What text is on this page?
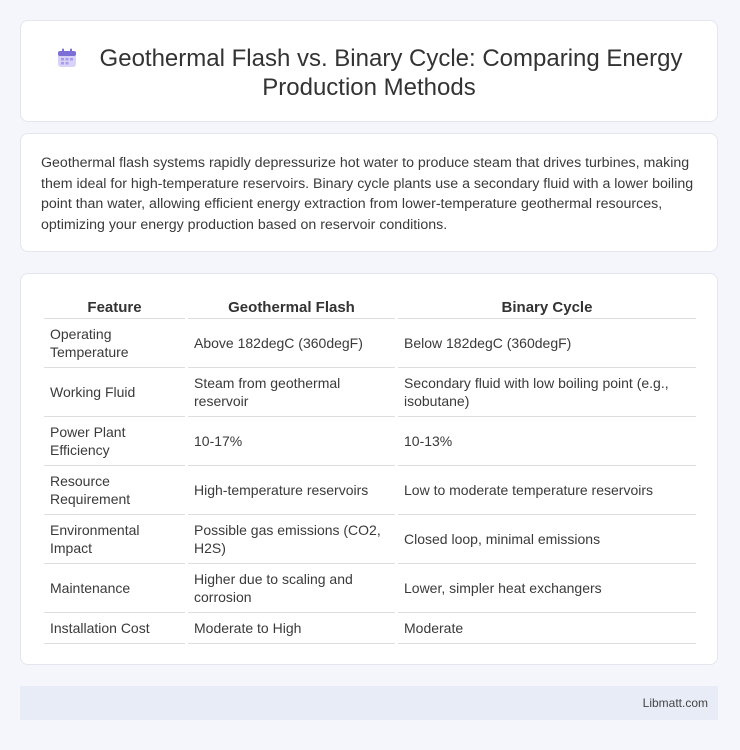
Geothermal Flash vs. Binary Cycle: Comparing Energy
Production Methods

Geothermal flash systems rapidly depressurize hot water to produce steam that drives turbines, making them ideal for high-temperature reservoirs. Binary cycle plants use a secondary fluid with a lower boiling point than water, allowing efficient energy extraction from lower-temperature geothermal resources, optimizing your energy production based on reservoir conditions.

Feature	Geothermal Flash	Binary Cycle
Operating Temperature	Above 182degC (360degF)	Below 182degC (360degF)
Working Fluid	Steam from geothermal reservoir	Secondary fluid with low boiling point (e.g., isobutane)
Power Plant Efficiency	10-17%	10-13%
Resource Requirement	High-temperature reservoirs	Low to moderate temperature reservoirs
Environmental Impact	Possible gas emissions (CO2, H2S)	Closed loop, minimal emissions
Maintenance	Higher due to scaling and corrosion	Lower, simpler heat exchangers
Installation Cost	Moderate to High	Moderate
Libmatt.com
